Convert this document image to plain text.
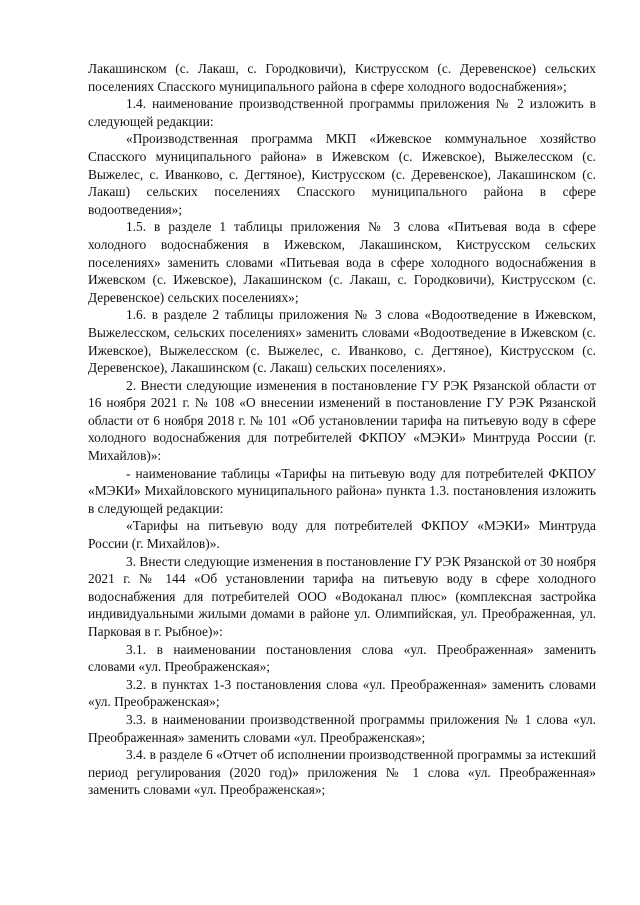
Лакашинском (с. Лакаш, с. Городковичи), Киструсском (с. Деревенское) сельских поселениях Спасского муниципального района в сфере холодного водоснабжения»;

1.4. наименование производственной программы приложения № 2 изложить в следующей редакции:

«Производственная программа МКП «Ижевское коммунальное хозяйство Спасского муниципального района» в Ижевском (с. Ижевское), Выжелесском (с. Выжелес, с. Иванково, с. Дегтяное), Киструсском (с. Деревенское), Лакашинском (с. Лакаш) сельских поселениях Спасского муниципального района в сфере водоотведения»;

1.5. в разделе 1 таблицы приложения № 3 слова «Питьевая вода в сфере холодного водоснабжения в Ижевском, Лакашинском, Киструсском сельских поселениях» заменить словами «Питьевая вода в сфере холодного водоснабжения в Ижевском (с. Ижевское), Лакашинском (с. Лакаш, с. Городковичи), Киструсском (с. Деревенское) сельских поселениях»;

1.6. в разделе 2 таблицы приложения № 3 слова «Водоотведение в Ижевском, Выжелесском, сельских поселениях» заменить словами «Водоотведение в Ижевском (с. Ижевское), Выжелесском (с. Выжелес, с. Иванково, с. Дегтяное), Киструсском (с. Деревенское), Лакашинском (с. Лакаш) сельских поселениях».

2. Внести следующие изменения в постановление ГУ РЭК Рязанской области от 16 ноября 2021 г. № 108 «О внесении изменений в постановление ГУ РЭК Рязанской области от 6 ноября 2018 г. № 101 «Об установлении тарифа на питьевую воду в сфере холодного водоснабжения для потребителей ФКПОУ «МЭКИ» Минтруда России (г. Михайлов)»:

- наименование таблицы «Тарифы на питьевую воду для потребителей ФКПОУ «МЭКИ» Михайловского муниципального района» пункта 1.3. постановления изложить в следующей редакции:

«Тарифы на питьевую воду для потребителей ФКПОУ «МЭКИ» Минтруда России (г. Михайлов)».

3. Внести следующие изменения в постановление ГУ РЭК Рязанской от 30 ноября 2021 г. № 144 «Об установлении тарифа на питьевую воду в сфере холодного водоснабжения для потребителей ООО «Водоканал плюс» (комплексная застройка индивидуальными жилыми домами в районе ул. Олимпийская, ул. Преображенная, ул. Парковая в г. Рыбное)»:

3.1. в наименовании постановления слова «ул. Преображенная» заменить словами «ул. Преображенская»;

3.2. в пунктах 1-3 постановления слова «ул. Преображенная» заменить словами «ул. Преображенская»;

3.3. в наименовании производственной программы приложения № 1 слова «ул. Преображенная» заменить словами «ул. Преображенская»;

3.4. в разделе 6 «Отчет об исполнении производственной программы за истекший период регулирования (2020 год)» приложения № 1 слова «ул. Преображенная» заменить словами «ул. Преображенская»;
